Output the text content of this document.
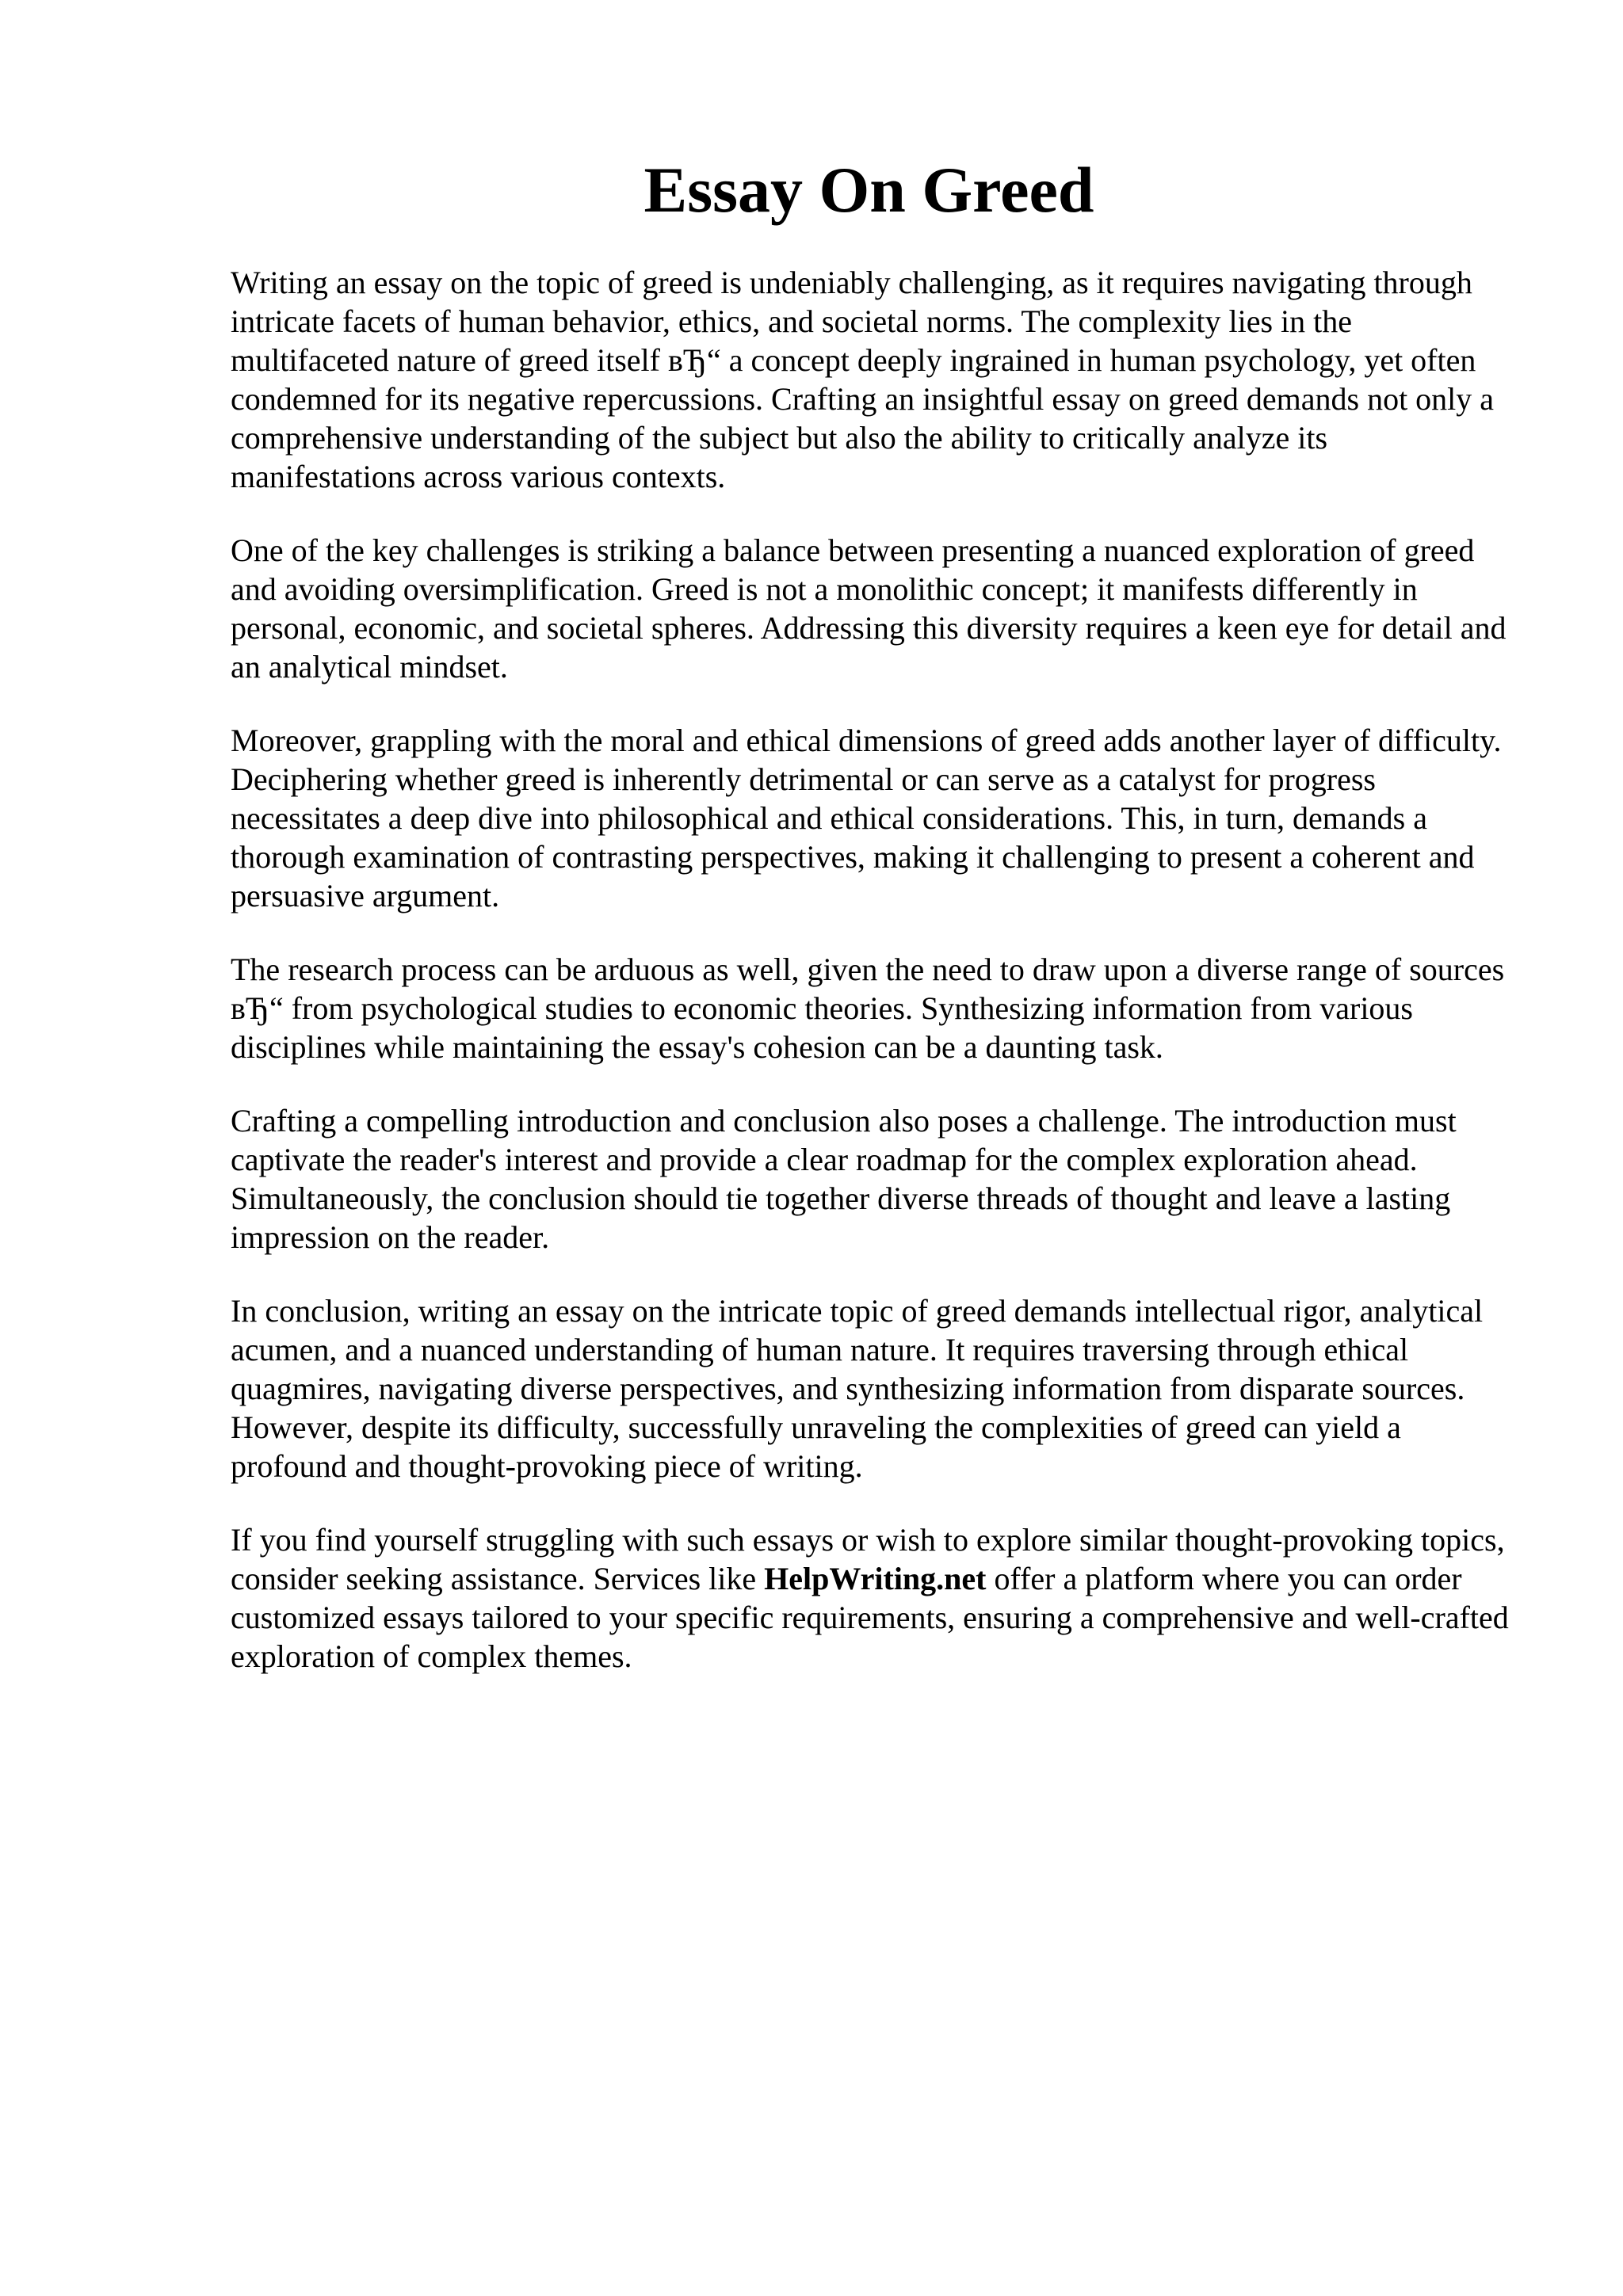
Essay On Greed

Writing an essay on the topic of greed is undeniably challenging, as it requires navigating through intricate facets of human behavior, ethics, and societal norms. The complexity lies in the multifaceted nature of greed itself вЂ“ a concept deeply ingrained in human psychology, yet often condemned for its negative repercussions. Crafting an insightful essay on greed demands not only a comprehensive understanding of the subject but also the ability to critically analyze its manifestations across various contexts.

One of the key challenges is striking a balance between presenting a nuanced exploration of greed and avoiding oversimplification. Greed is not a monolithic concept; it manifests differently in personal, economic, and societal spheres. Addressing this diversity requires a keen eye for detail and an analytical mindset.

Moreover, grappling with the moral and ethical dimensions of greed adds another layer of difficulty. Deciphering whether greed is inherently detrimental or can serve as a catalyst for progress necessitates a deep dive into philosophical and ethical considerations. This, in turn, demands a thorough examination of contrasting perspectives, making it challenging to present a coherent and persuasive argument.

The research process can be arduous as well, given the need to draw upon a diverse range of sources вЂ“ from psychological studies to economic theories. Synthesizing information from various disciplines while maintaining the essay's cohesion can be a daunting task.

Crafting a compelling introduction and conclusion also poses a challenge. The introduction must captivate the reader's interest and provide a clear roadmap for the complex exploration ahead. Simultaneously, the conclusion should tie together diverse threads of thought and leave a lasting impression on the reader.

In conclusion, writing an essay on the intricate topic of greed demands intellectual rigor, analytical acumen, and a nuanced understanding of human nature. It requires traversing through ethical quagmires, navigating diverse perspectives, and synthesizing information from disparate sources. However, despite its difficulty, successfully unraveling the complexities of greed can yield a profound and thought-provoking piece of writing.

If you find yourself struggling with such essays or wish to explore similar thought-provoking topics, consider seeking assistance. Services like HelpWriting.net offer a platform where you can order customized essays tailored to your specific requirements, ensuring a comprehensive and well-crafted exploration of complex themes.
